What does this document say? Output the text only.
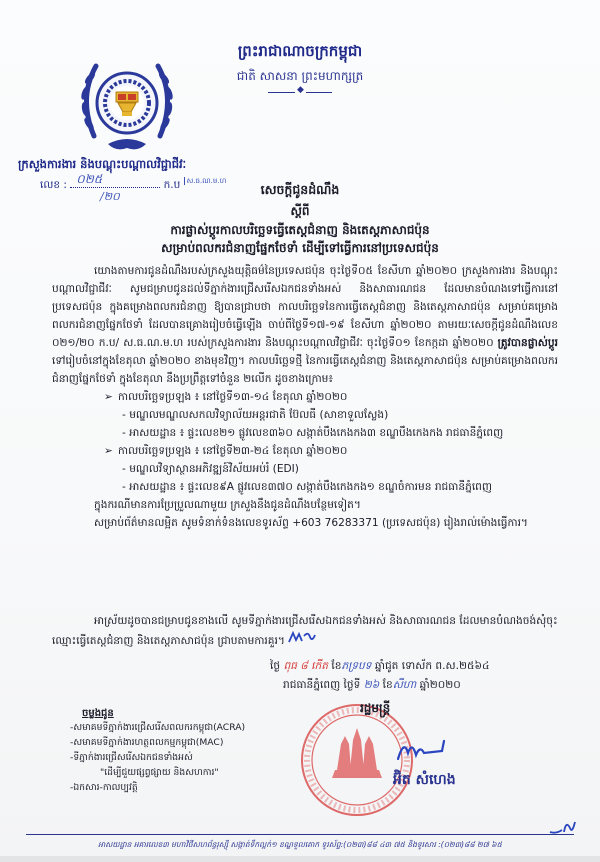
ព្រះរាជាណាចក្រកម្ពុជា
ជាតិ សាសនា ព្រះមហាក្សត្រ
◆
ក្រសួងការងារ និងបណ្តុះបណ្តាលវិជ្ជាជីវៈ
លេខ : ០២៥	ក.ប $^{ស.ធ.ណ.ម.ហ}$
/២០	សេចក្តីជូនដំណឹង
ស្តីពី
ការផ្លាស់ប្តូរកាលបរិច្ឆេទធ្វើតេស្តជំនាញ និងតេស្តភាសាជប៉ុន
សម្រាប់ពលករជំនាញផ្នែកថែទាំ ដើម្បីទៅធ្វើការនៅប្រទេសជប៉ុន

យោងតាមការជូនដំណឹងរបស់ក្រសួងយុត្តិធម៌នៃប្រទេសជប៉ុន ចុះថ្ងៃទី០៥ ខែសីហា ឆ្នាំ២០២០ ក្រសួងការងារ និងបណ្តុះបណ្តាលវិជ្ជាជីវៈ សូមជម្រាបជូនដល់ទីភ្នាក់ងារជ្រើសរើសឯកជនទាំងអស់ និងសាធារណជន ដែលមានបំណងទៅធ្វើការនៅប្រទេសជប៉ុន ក្នុងគម្រោងពលករជំនាញ ឱ្យបានជ្រាបថា កាលបរិច្ឆេទនៃការធ្វើតេស្តជំនាញ និងតេស្តភាសាជប៉ុន សម្រាប់គម្រោងពលករជំនាញផ្នែកថែទាំ ដែលបានគ្រោងរៀបចំធ្វើឡើង ចាប់ពីថ្ងៃទី១៧-១៩ ខែសីហា ឆ្នាំ២០២០ តាមរយៈសេចក្តីជូនដំណឹងលេខ ០២១/២០ ក.ប/ ស.ធ.ណ.ម.ហ របស់ក្រសួងការងារ និងបណ្តុះបណ្តាលវិជ្ជាជីវៈ ចុះថ្ងៃទី០១ ខែកក្កដា ឆ្នាំ២០២០ ត្រូវបានផ្លាស់ប្តូរ ទៅរៀបចំនៅក្នុងខែតុលា ឆ្នាំ២០២០ ខាងមុខវិញ។ កាលបរិច្ឆេទថ្មី នៃការធ្វើតេស្តជំនាញ និងតេស្តភាសាជប៉ុន សម្រាប់គម្រោងពលករជំនាញផ្នែកថែទាំ ក្នុងខែតុលា នឹងប្រព្រឹត្តទៅចំនួន ២លើក ដូចខាងក្រោម៖

➢ កាលបរិច្ឆេទប្រឡង ៖ នៅថ្ងៃទី១៣-១៤ ខែតុលា ឆ្នាំ២០២០

- មណ្ឌលមណ្ឌលសកលវិទ្យាល័យអន្តរជាតិ ប៊ែលធី (សាខាទួលស្លែង)

- អាសយដ្ឋាន ៖ ផ្ទះលេខ២១ ផ្លូវលេខ៣៦០ សង្កាត់បឹងកេងកង៣ ខណ្ឌបឹងកេងកង រាជធានីភ្នំពេញ

➢ កាលបរិច្ឆេទប្រឡង ៖ នៅថ្ងៃទី២៣-២៤ ខែតុលា ឆ្នាំ២០២០

- មណ្ឌលវិទ្យាស្ថានអភិវឌ្ឍន៍វិស័យអប់រំ (EDI)

- អាសយដ្ឋាន ៖ ផ្ទះលេខ៩A ផ្លូវលេខ៣៧០ សង្កាត់បឹងកេងកង១ ខណ្ឌចំការមន រាជធានីភ្នំពេញ

ក្នុងករណីមានការប្រែប្រួលណាមួយ ក្រសួងនឹងជូនដំណឹងបន្ថែមទៀត។

សម្រាប់ព័ត៌មានលម្អិត សូមទំនាក់ទំនងលេខទូរស័ព្ទ +603 76283371 (ប្រទេសជប៉ុន) រៀងរាល់ម៉ោងធ្វើការ។

អាស្រ័យដូចបានជម្រាបជូនខាងលើ សូមទីភ្នាក់ងារជ្រើសរើសឯកជនទាំងអស់ និងសាធារណជន ដែលមានបំណងចង់សុំចុះឈ្មោះធ្វើតេស្តជំនាញ និងតេស្តភាសាជប៉ុន ជ្រាបតាមការគួរ។

ថ្ងៃ ពុធ ៨ កើត ខែភទ្របទ ឆ្នាំជូត ទោស័ក ព.ស.២៥៦៤
រាជធានីភ្នំពេញ ថ្ងៃទី ២៦ ខែសីហា ឆ្នាំ២០២០
រដ្ឋមន្ត្រី
អ៊ិត សំហេង
ចម្លងជូន
-សមាគមទីភ្នាក់ងារជ្រើសរើសពលករកម្ពុជា(ACRA)
-សមាគមទីភ្នាក់ងារហត្ថពលកម្មកម្ពុជា(MAC)
-ទីភ្នាក់ងារជ្រើសរើសឯកជនទាំងអស់
"ដើម្បីជួយផ្សព្វផ្សាយ និងសហការ"
-ឯកសារ-កាលប្បវត្តិ
អាសយដ្ឋាន អគារលេខ៣ មហាវិថីសហព័ន្ធរុស្ស៊ី សង្កាត់ទឹកល្អក់១ ខណ្ឌទួលគោក ទូរស័ព្ទ:(០២៣)៨៨ ៤៣ ៧៥ និងទូរសារ :(០២៣)៨៨ ២៧ ៦៥
